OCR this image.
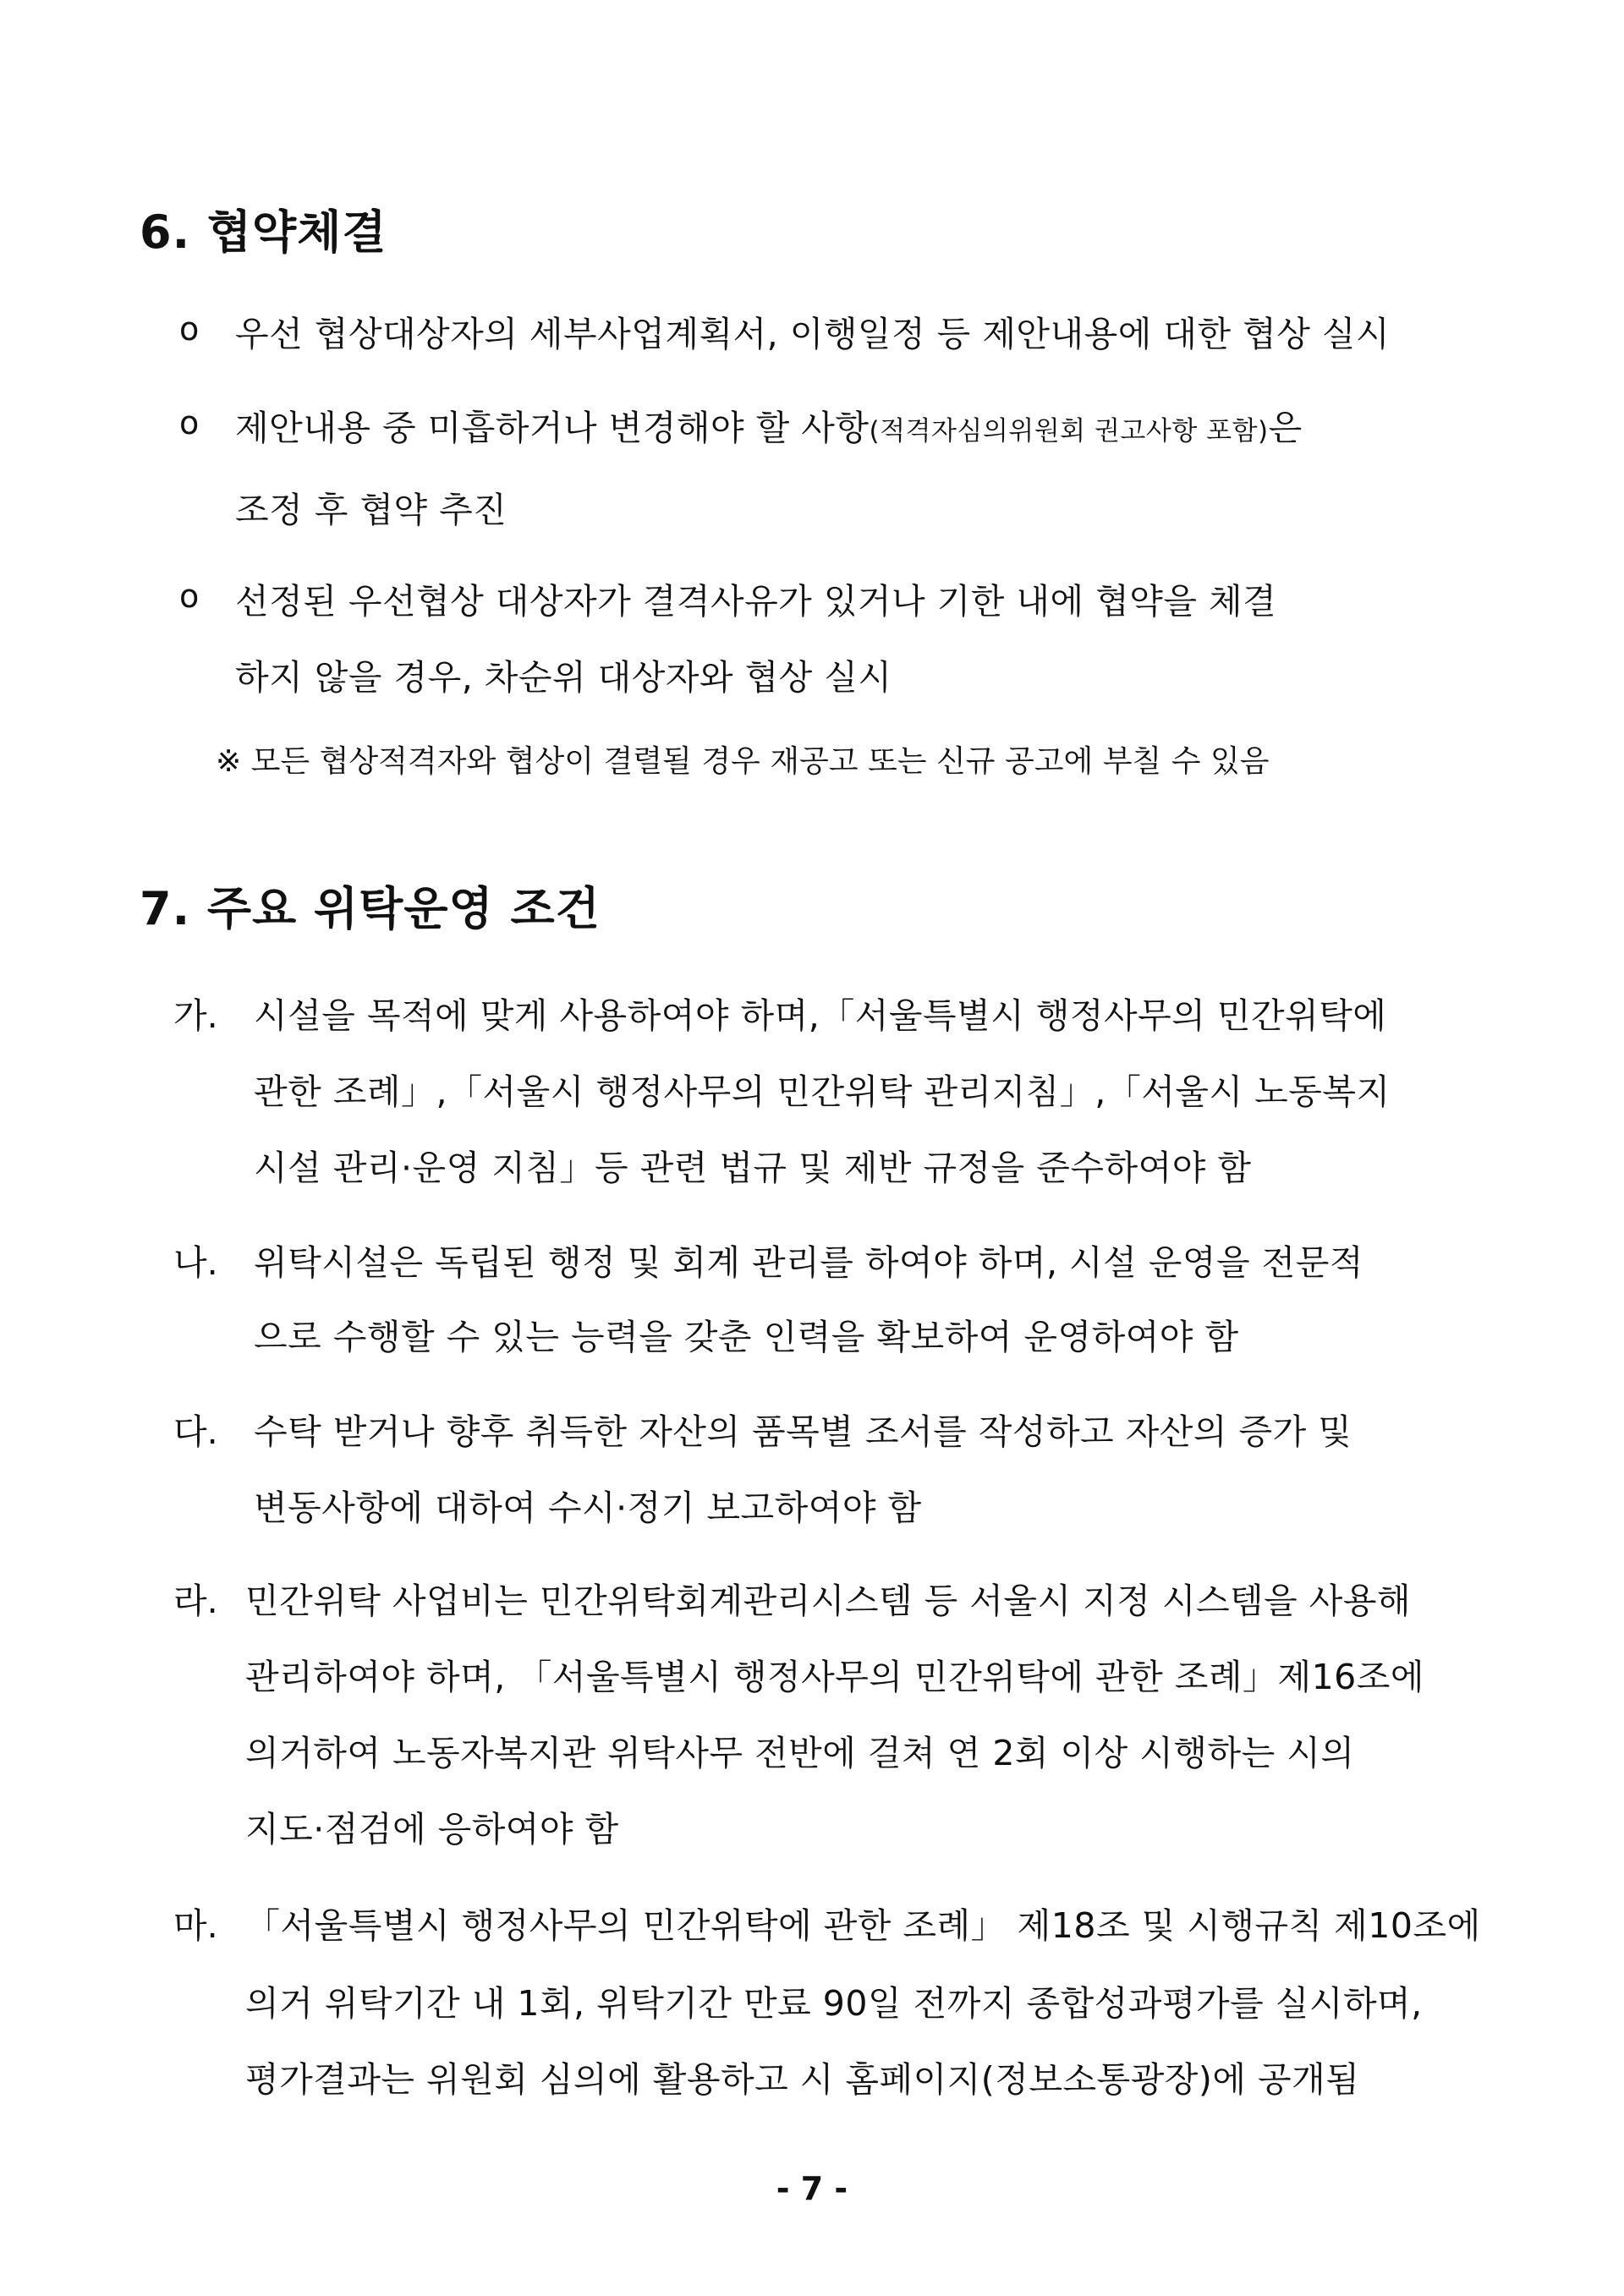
6. 협약체결
o 우선 협상대상자의 세부사업계획서, 이행일정 등 제안내용에 대한 협상 실시
o 제안내용 중 미흡하거나 변경해야 할 사항(적격자심의위원회 권고사항 포함)은
조정 후 협약 추진
o 선정된 우선협상 대상자가 결격사유가 있거나 기한 내에 협약을 체결
하지 않을 경우, 차순위 대상자와 협상 실시
※ 모든 협상적격자와 협상이 결렬될 경우 재공고 또는 신규 공고에 부칠 수 있음
7. 주요 위탁운영 조건
가. 시설을 목적에 맞게 사용하여야 하며,「서울특별시 행정사무의 민간위탁에
관한 조례」,「서울시 행정사무의 민간위탁 관리지침」,「서울시 노동복지
시설 관리·운영 지침」등 관련 법규 및 제반 규정을 준수하여야 함
나. 위탁시설은 독립된 행정 및 회계 관리를 하여야 하며, 시설 운영을 전문적
으로 수행할 수 있는 능력을 갖춘 인력을 확보하여 운영하여야 함
다. 수탁 받거나 향후 취득한 자산의 품목별 조서를 작성하고 자산의 증가 및
변동사항에 대하여 수시·정기 보고하여야 함
라. 민간위탁 사업비는 민간위탁회계관리시스템 등 서울시 지정 시스템을 사용해
관리하여야 하며, 「서울특별시 행정사무의 민간위탁에 관한 조례」제16조에
의거하여 노동자복지관 위탁사무 전반에 걸쳐 연 2회 이상 시행하는 시의
지도·점검에 응하여야 함
마. 「서울특별시 행정사무의 민간위탁에 관한 조례」 제18조 및 시행규칙 제10조에
의거 위탁기간 내 1회, 위탁기간 만료 90일 전까지 종합성과평가를 실시하며,
평가결과는 위원회 심의에 활용하고 시 홈페이지(정보소통광장)에 공개됨
- 7 -
